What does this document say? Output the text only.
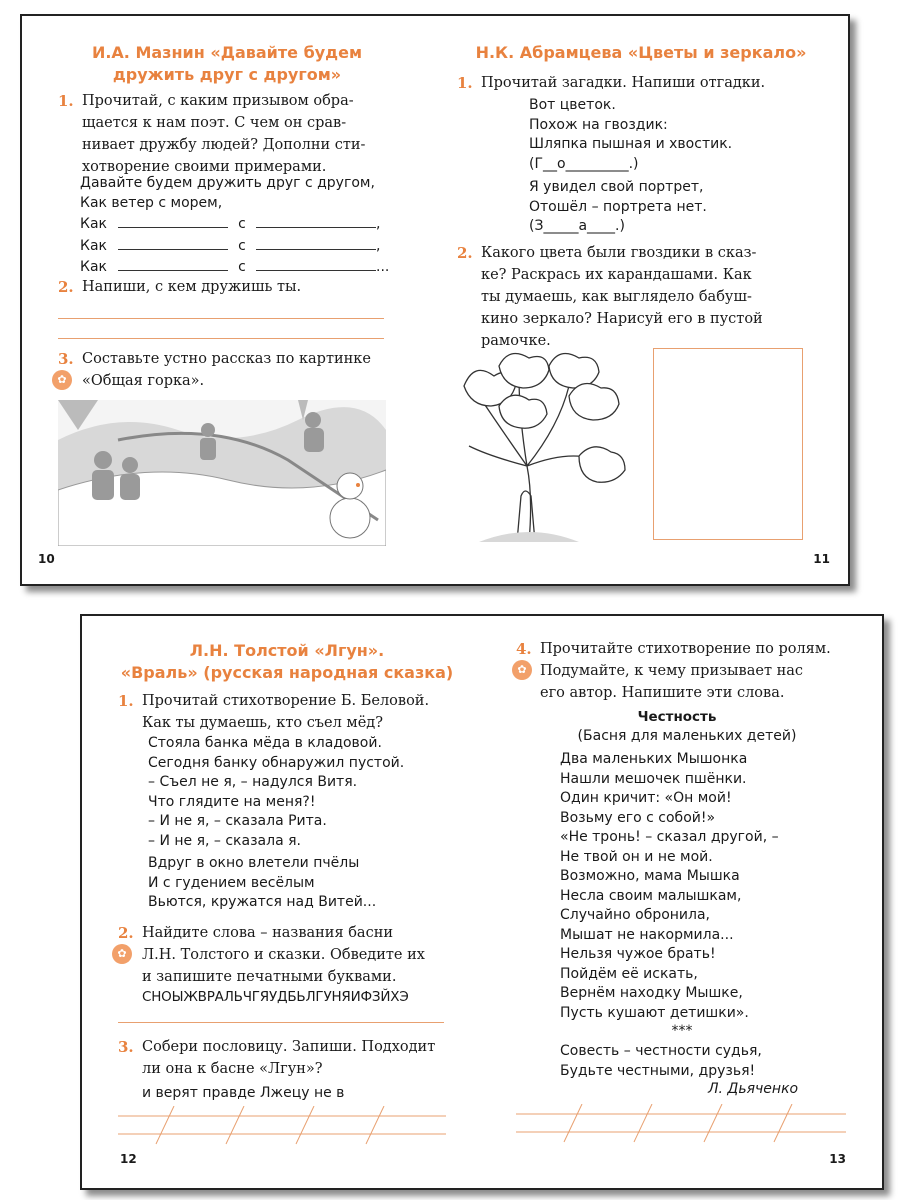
И.А. Мазнин «Давайте будем
дружить друг с другом»
1. Прочитай, с каким призывом обра-
щается к нам поэт. С чем он срав-
нивает дружбу людей? Дополни сти-
хотворение своими примерами.
Давайте будем дружить друг с другом,
Как ветер с морем,
Как	с	,
Как	с	,
Как	с	...
2. Напиши, с кем дружишь ты.
3. Составьте устно рассказ по картинке
«Общая горка».
✿
10
Н.К. Абрамцева «Цветы и зеркало»
1. Прочитай загадки. Напиши отгадки.
Вот цветок.
Похож на гвоздик:
Шляпка пышная и хвостик.
(Г__о_________.)
Я увидел свой портрет,
Отошёл – портрета нет.
(З_____а____.)
2. Какого цвета были гвоздики в сказ-
ке? Раскрась их карандашами. Как
ты думаешь, как выглядело бабуш-
кино зеркало? Нарисуй его в пустой
рамочке.
11
Л.Н. Толстой «Лгун».
«Враль» (русская народная сказка)
1. Прочитай стихотворение Б. Беловой.
Как ты думаешь, кто съел мёд?
Стояла банка мёда в кладовой.
Сегодня банку обнаружил пустой.
– Съел не я, – надулся Витя.
Что глядите на меня?!
– И не я, – сказала Рита.
– И не я, – сказала я.
Вдруг в окно влетели пчёлы
И с гудением весёлым
Вьются, кружатся над Витей...
2. Найдите слова – названия басни
Л.Н. Толстого и сказки. Обведите их
и запишите печатными буквами.
✿
СНОЫЖВРАЛЬЧГЯУДБЬЛГУНЯИФЗЙХЭ
3. Собери пословицу. Запиши. Подходит
ли она к басне «Лгун»?
и верят правде Лжецу не в
12
4. Прочитайте стихотворение по ролям.
Подумайте, к чему призывает нас
его автор. Напишите эти слова.
✿
Честность
(Басня для маленьких детей)
Два маленьких Мышонка
Нашли мешочек пшёнки.
Один кричит: «Он мой!
Возьму его с собой!»
«Не тронь! – сказал другой, –
Не твой он и не мой.
Возможно, мама Мышка
Несла своим малышкам,
Случайно обронила,
Мышат не накормила...
Нельзя чужое брать!
Пойдём её искать,
Вернём находку Мышке,
Пусть кушают детишки».
***
Совесть – честности судья,
Будьте честными, друзья!
Л. Дьяченко
13
